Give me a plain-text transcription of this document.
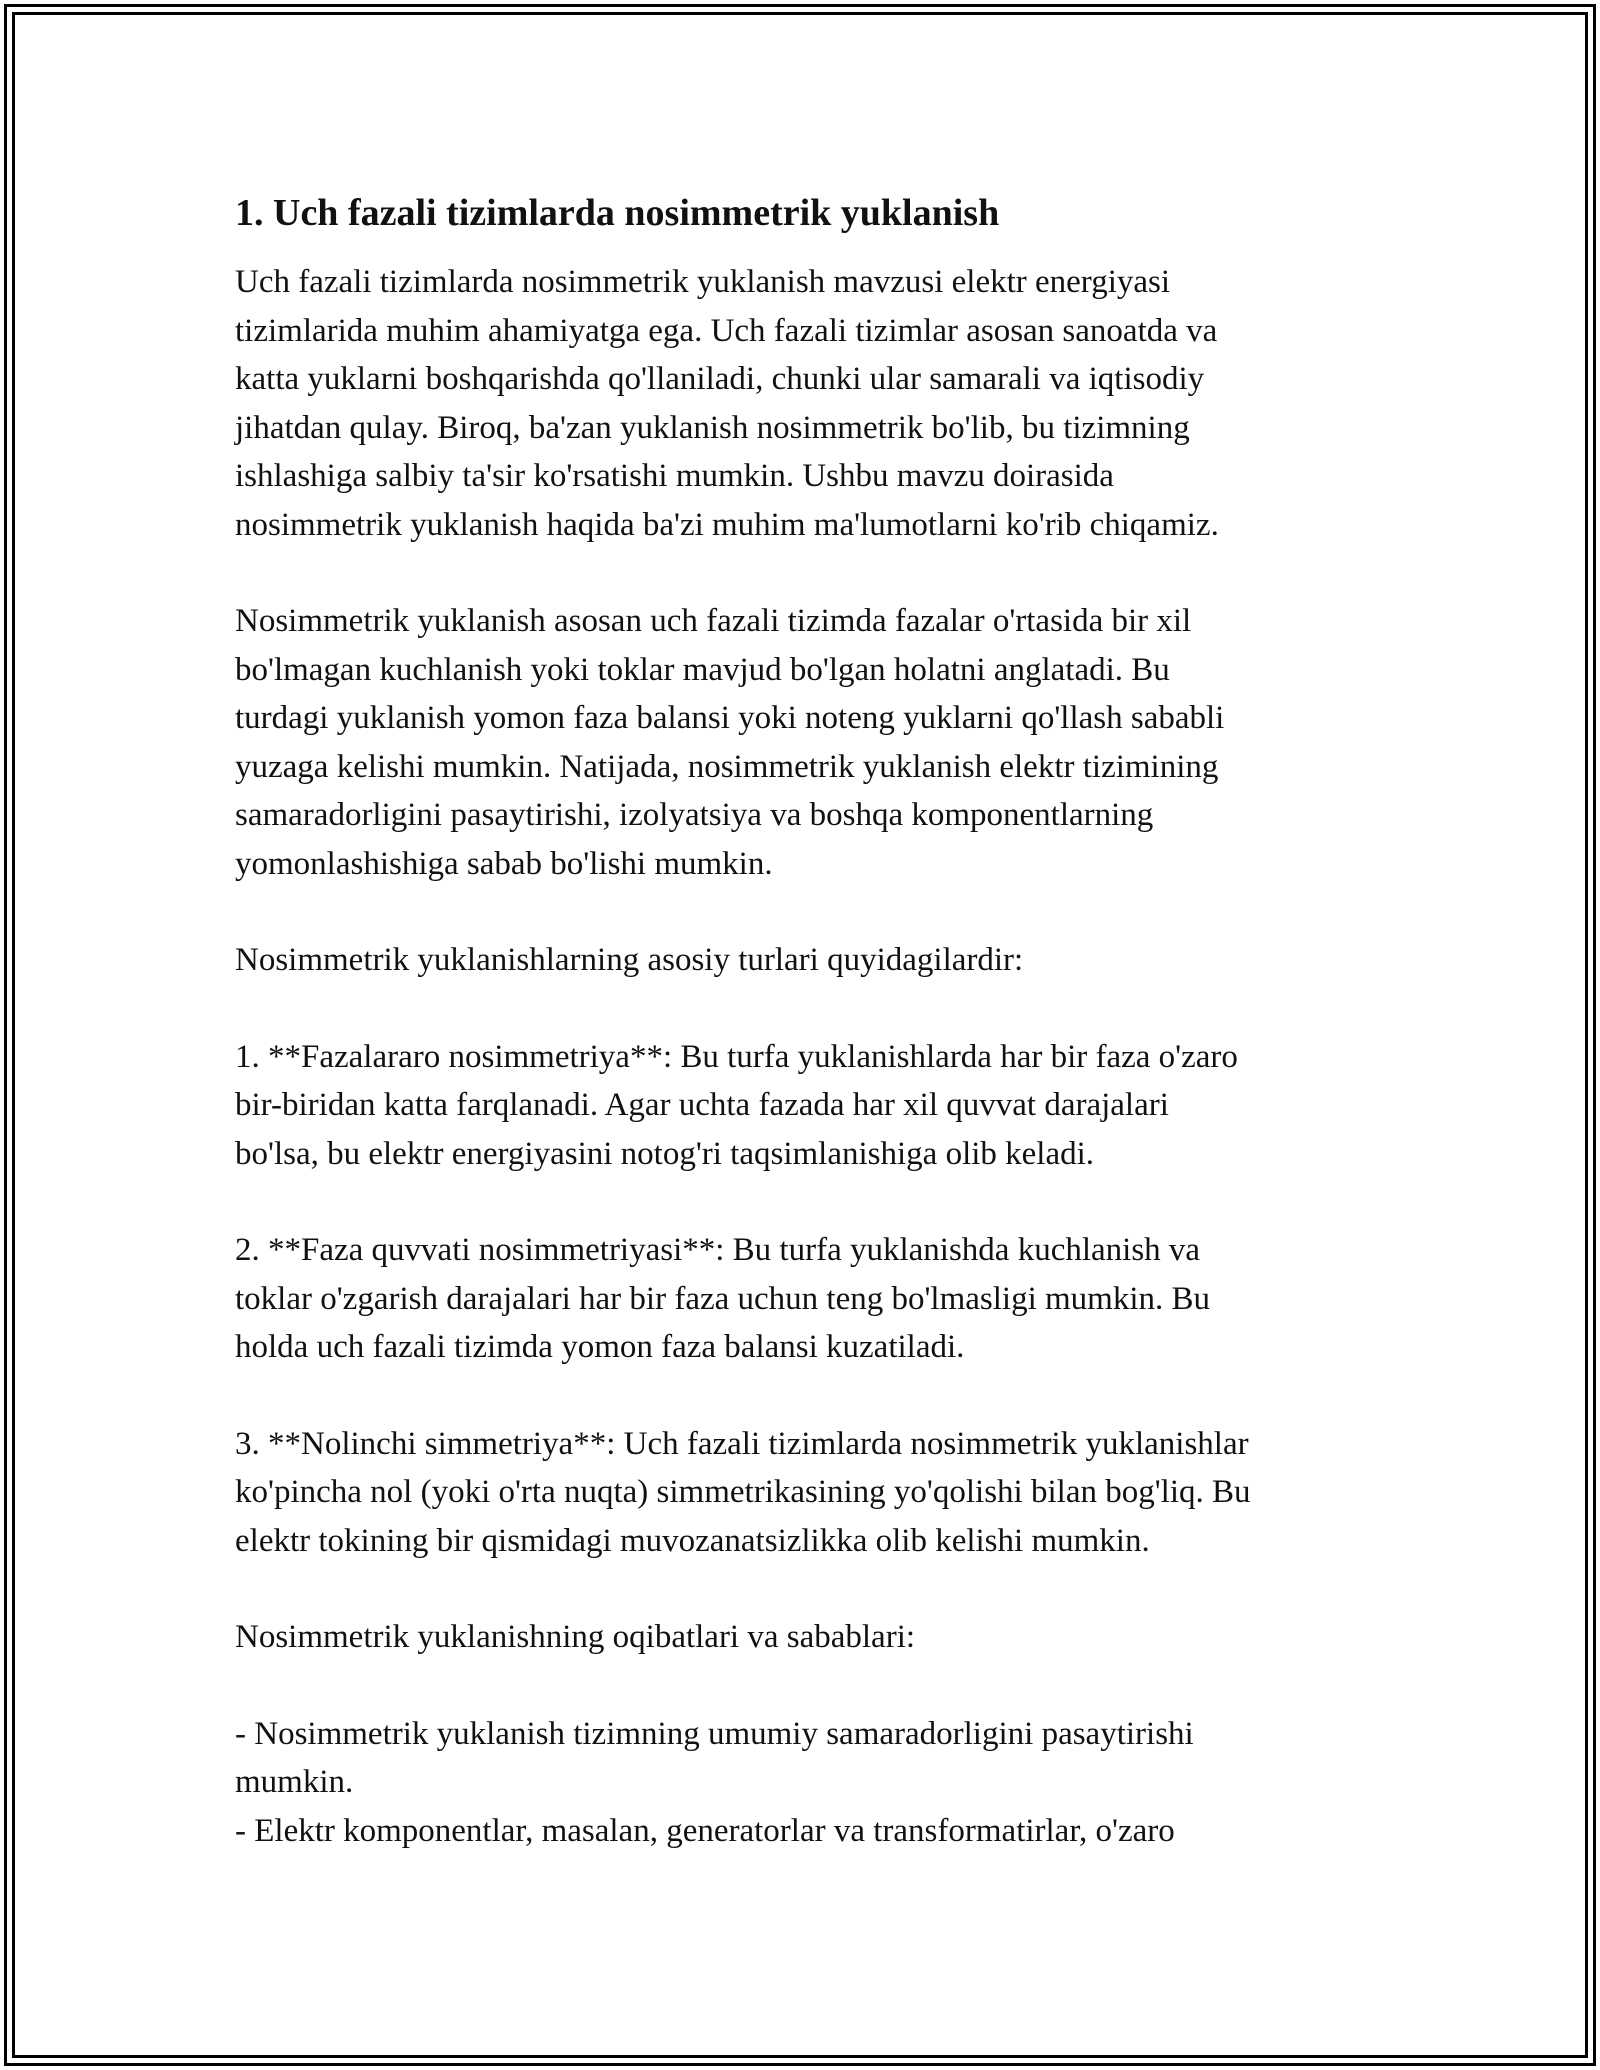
1. Uch fazali tizimlarda nosimmetrik yuklanish

Uch fazali tizimlarda nosimmetrik yuklanish mavzusi elektr energiyasi
tizimlarida muhim ahamiyatga ega. Uch fazali tizimlar asosan sanoatda va
katta yuklarni boshqarishda qo'llaniladi, chunki ular samarali va iqtisodiy
jihatdan qulay. Biroq, ba'zan yuklanish nosimmetrik bo'lib, bu tizimning
ishlashiga salbiy ta'sir ko'rsatishi mumkin. Ushbu mavzu doirasida
nosimmetrik yuklanish haqida ba'zi muhim ma'lumotlarni ko'rib chiqamiz.

Nosimmetrik yuklanish asosan uch fazali tizimda fazalar o'rtasida bir xil
bo'lmagan kuchlanish yoki toklar mavjud bo'lgan holatni anglatadi. Bu
turdagi yuklanish yomon faza balansi yoki noteng yuklarni qo'llash sababli
yuzaga kelishi mumkin. Natijada, nosimmetrik yuklanish elektr tizimining
samaradorligini pasaytirishi, izolyatsiya va boshqa komponentlarning
yomonlashishiga sabab bo'lishi mumkin.

Nosimmetrik yuklanishlarning asosiy turlari quyidagilardir:

1. **Fazalararo nosimmetriya**: Bu turfa yuklanishlarda har bir faza o'zaro
bir-biridan katta farqlanadi. Agar uchta fazada har xil quvvat darajalari
bo'lsa, bu elektr energiyasini notog'ri taqsimlanishiga olib keladi.

2. **Faza quvvati nosimmetriyasi**: Bu turfa yuklanishda kuchlanish va
toklar o'zgarish darajalari har bir faza uchun teng bo'lmasligi mumkin. Bu
holda uch fazali tizimda yomon faza balansi kuzatiladi.

3. **Nolinchi simmetriya**: Uch fazali tizimlarda nosimmetrik yuklanishlar
ko'pincha nol (yoki o'rta nuqta) simmetrikasining yo'qolishi bilan bog'liq. Bu
elektr tokining bir qismidagi muvozanatsizlikka olib kelishi mumkin.

Nosimmetrik yuklanishning oqibatlari va sabablari:

- Nosimmetrik yuklanish tizimning umumiy samaradorligini pasaytirishi
mumkin.
- Elektr komponentlar, masalan, generatorlar va transformatirlar, o'zaro
